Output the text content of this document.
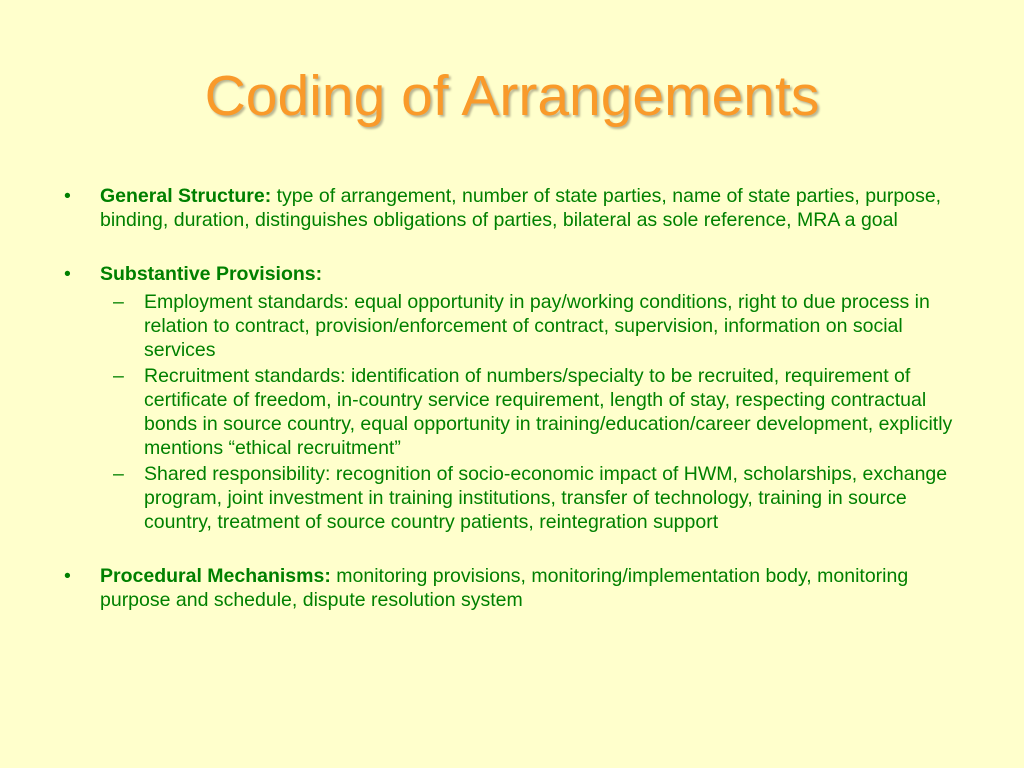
Coding of Arrangements
•	General Structure: type of arrangement, number of state parties, name of state parties, purpose, binding, duration, distinguishes obligations of parties, bilateral as sole reference, MRA a goal
•	Substantive Provisions:
– Employment standards: equal opportunity in pay/working conditions, right to due process in relation to contract, provision/enforcement of contract, supervision, information on social services
– Recruitment standards: identification of numbers/specialty to be recruited, requirement of certificate of freedom, in-country service requirement, length of stay, respecting contractual bonds in source country, equal opportunity in training/education/career development, explicitly mentions “ethical recruitment”
– Shared responsibility: recognition of socio-economic impact of HWM, scholarships, exchange program, joint investment in training institutions, transfer of technology, training in source country, treatment of source country patients, reintegration support
•	Procedural Mechanisms: monitoring provisions, monitoring/implementation body, monitoring purpose and schedule, dispute resolution system
